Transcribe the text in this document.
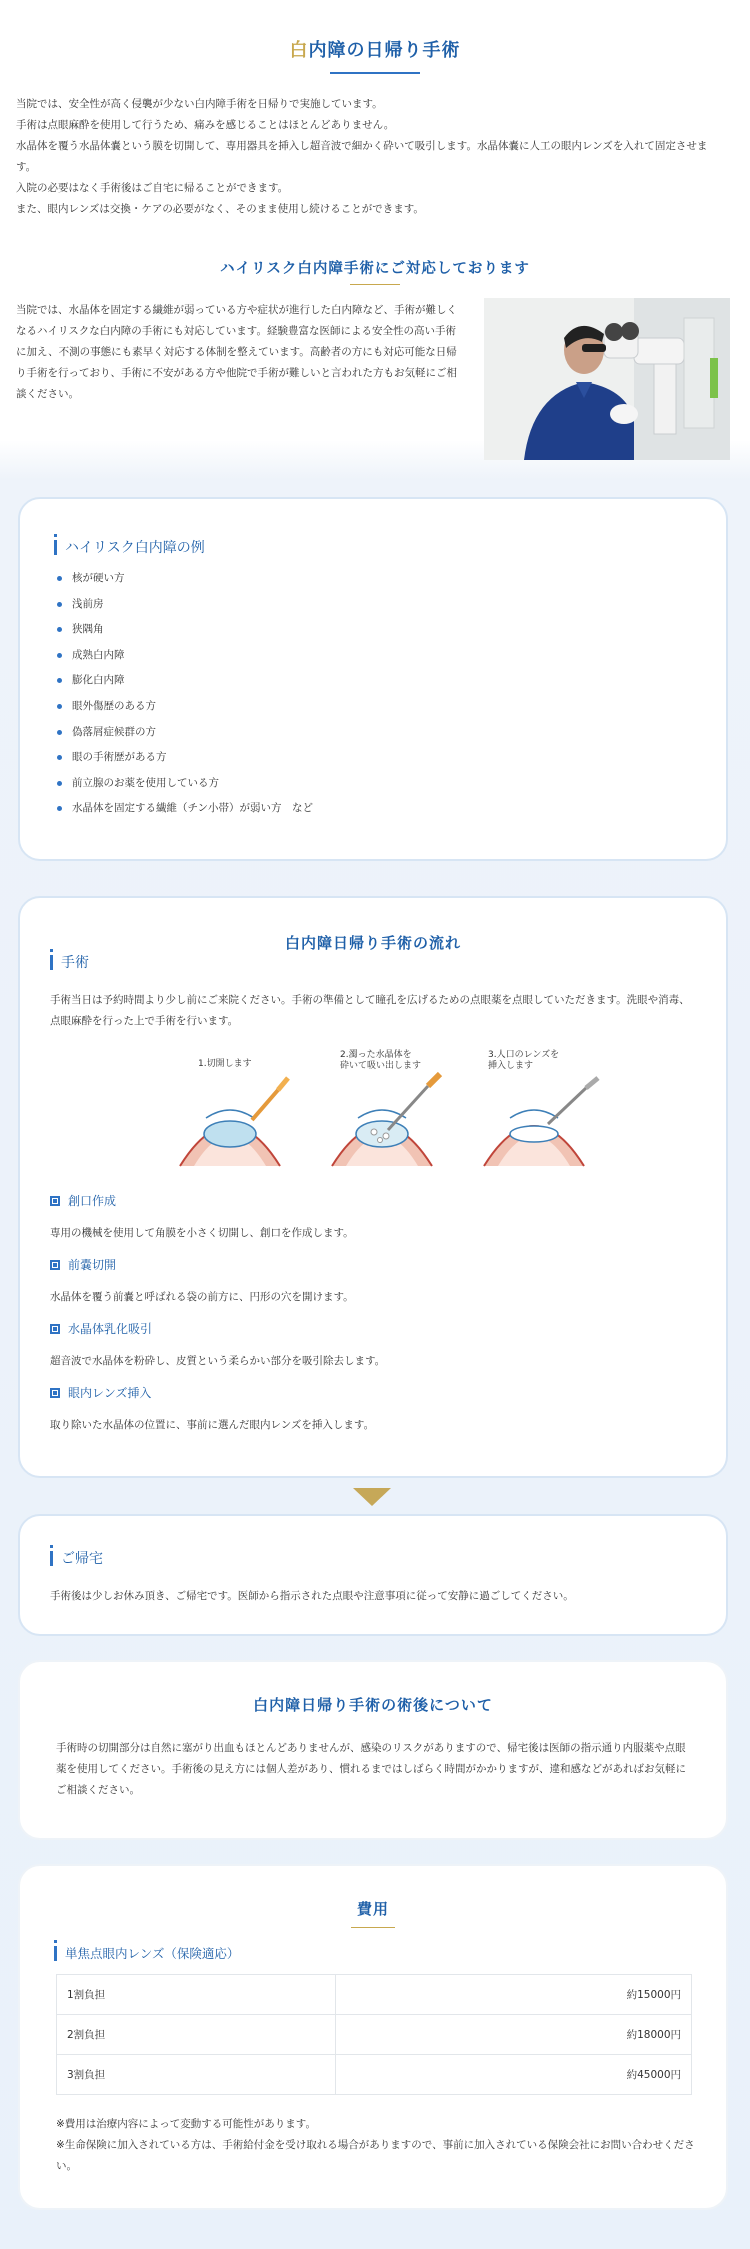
白内障の日帰り手術

当院では、安全性が高く侵襲が少ない白内障手術を日帰りで実施しています。

手術は点眼麻酔を使用して行うため、痛みを感じることはほとんどありません。

水晶体を覆う水晶体嚢という膜を切開して、専用器具を挿入し超音波で細かく砕いて吸引します。水晶体嚢に人工の眼内レンズを入れて固定させます。

入院の必要はなく手術後はご自宅に帰ることができます。

また、眼内レンズは交換・ケアの必要がなく、そのまま使用し続けることができます。

ハイリスク白内障手術にご対応しております

当院では、水晶体を固定する繊維が弱っている方や症状が進行した白内障など、手術が難しくなるハイリスクな白内障の手術にも対応しています。経験豊富な医師による安全性の高い手術に加え、不測の事態にも素早く対応する体制を整えています。高齢者の方にも対応可能な日帰り手術を行っており、手術に不安がある方や他院で手術が難しいと言われた方もお気軽にご相談ください。

ハイリスク白内障の例
核が硬い方
浅前房
狭隅角
成熟白内障
膨化白内障
眼外傷歴のある方
偽落屑症候群の方
眼の手術歴がある方
前立腺のお薬を使用している方
水晶体を固定する繊維（チン小帯）が弱い方　など
白内障日帰り手術の流れ
手術

手術当日は予約時間より少し前にご来院ください。手術の準備として瞳孔を広げるための点眼薬を点眼していただきます。洗眼や消毒、点眼麻酔を行った上で手術を行います。

1.切開します
2.濁った水晶体を
砕いて吸い出します
3.人口のレンズを
挿入します
創口作成

専用の機械を使用して角膜を小さく切開し、創口を作成します。

前嚢切開

水晶体を覆う前嚢と呼ばれる袋の前方に、円形の穴を開けます。

水晶体乳化吸引

超音波で水晶体を粉砕し、皮質という柔らかい部分を吸引除去します。

眼内レンズ挿入

取り除いた水晶体の位置に、事前に選んだ眼内レンズを挿入します。

ご帰宅

手術後は少しお休み頂き、ご帰宅です。医師から指示された点眼や注意事項に従って安静に過ごしてください。

白内障日帰り手術の術後について

手術時の切開部分は自然に塞がり出血もほとんどありませんが、感染のリスクがありますので、帰宅後は医師の指示通り内服薬や点眼薬を使用してください。手術後の見え方には個人差があり、慣れるまではしばらく時間がかかりますが、違和感などがあればお気軽にご相談ください。

費用
単焦点眼内レンズ（保険適応）
1割負担	約15000円
2割負担	約18000円
3割負担	約45000円

※費用は治療内容によって変動する可能性があります。

※生命保険に加入されている方は、手術給付金を受け取れる場合がありますので、事前に加入されている保険会社にお問い合わせください。
